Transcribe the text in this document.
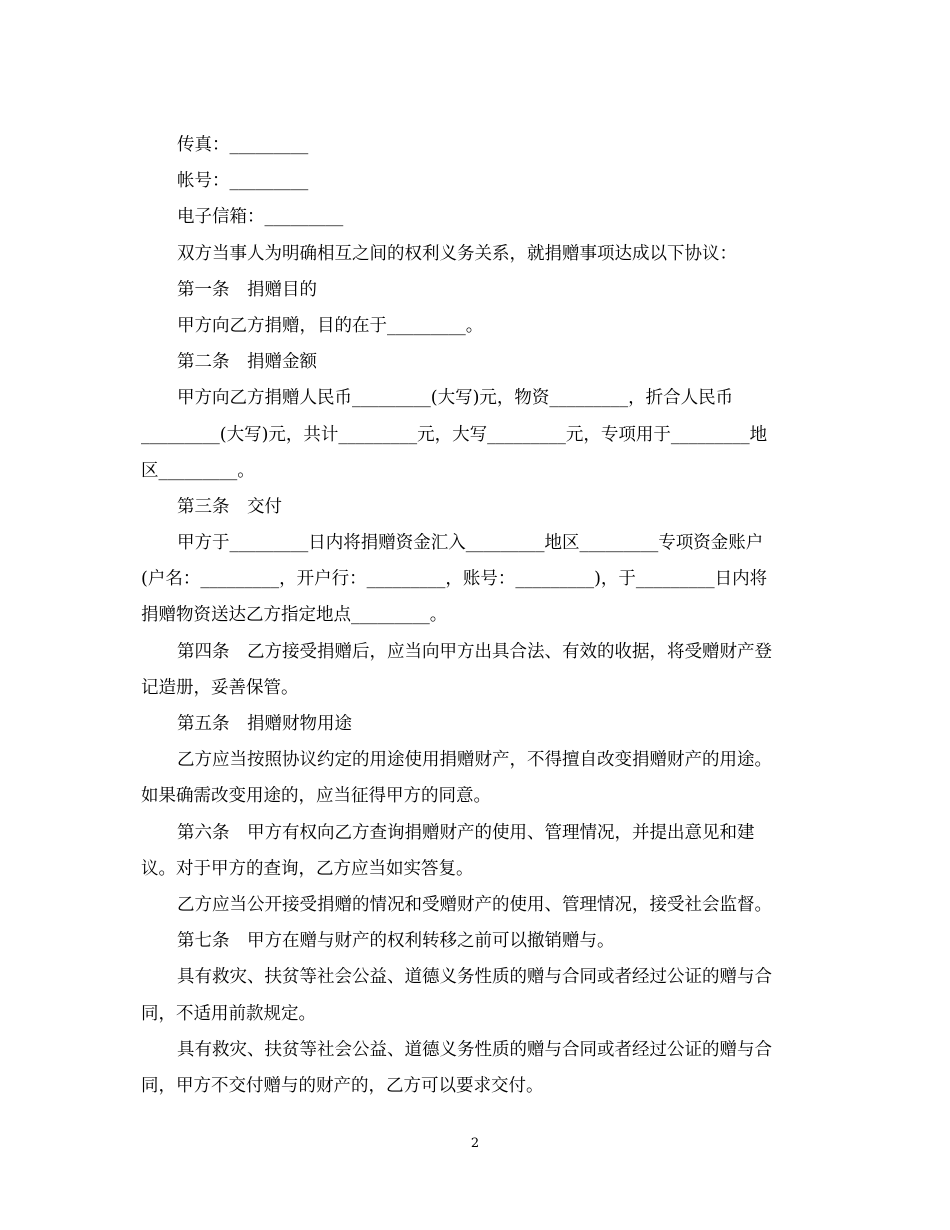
传真：_________
帐号：_________
电子信箱：_________
双方当事人为明确相互之间的权利义务关系，就捐赠事项达成以下协议：
第一条　捐赠目的
甲方向乙方捐赠，目的在于_________。
第二条　捐赠金额
甲方向乙方捐赠人民币_________(大写)元，物资_________，折合人民币
_________(大写)元，共计_________元，大写_________元，专项用于_________地
区_________。
第三条　交付
甲方于_________日内将捐赠资金汇入_________地区_________专项资金账户
(户名：_________，开户行：_________，账号：_________)，于_________日内将
捐赠物资送达乙方指定地点_________。
第四条　乙方接受捐赠后，应当向甲方出具合法、有效的收据，将受赠财产登
记造册，妥善保管。
第五条　捐赠财物用途
乙方应当按照协议约定的用途使用捐赠财产，不得擅自改变捐赠财产的用途。
如果确需改变用途的，应当征得甲方的同意。
第六条　甲方有权向乙方查询捐赠财产的使用、管理情况，并提出意见和建
议。对于甲方的查询，乙方应当如实答复。
乙方应当公开接受捐赠的情况和受赠财产的使用、管理情况，接受社会监督。
第七条　甲方在赠与财产的权利转移之前可以撤销赠与。
具有救灾、扶贫等社会公益、道德义务性质的赠与合同或者经过公证的赠与合
同，不适用前款规定。
具有救灾、扶贫等社会公益、道德义务性质的赠与合同或者经过公证的赠与合
同，甲方不交付赠与的财产的，乙方可以要求交付。
2
